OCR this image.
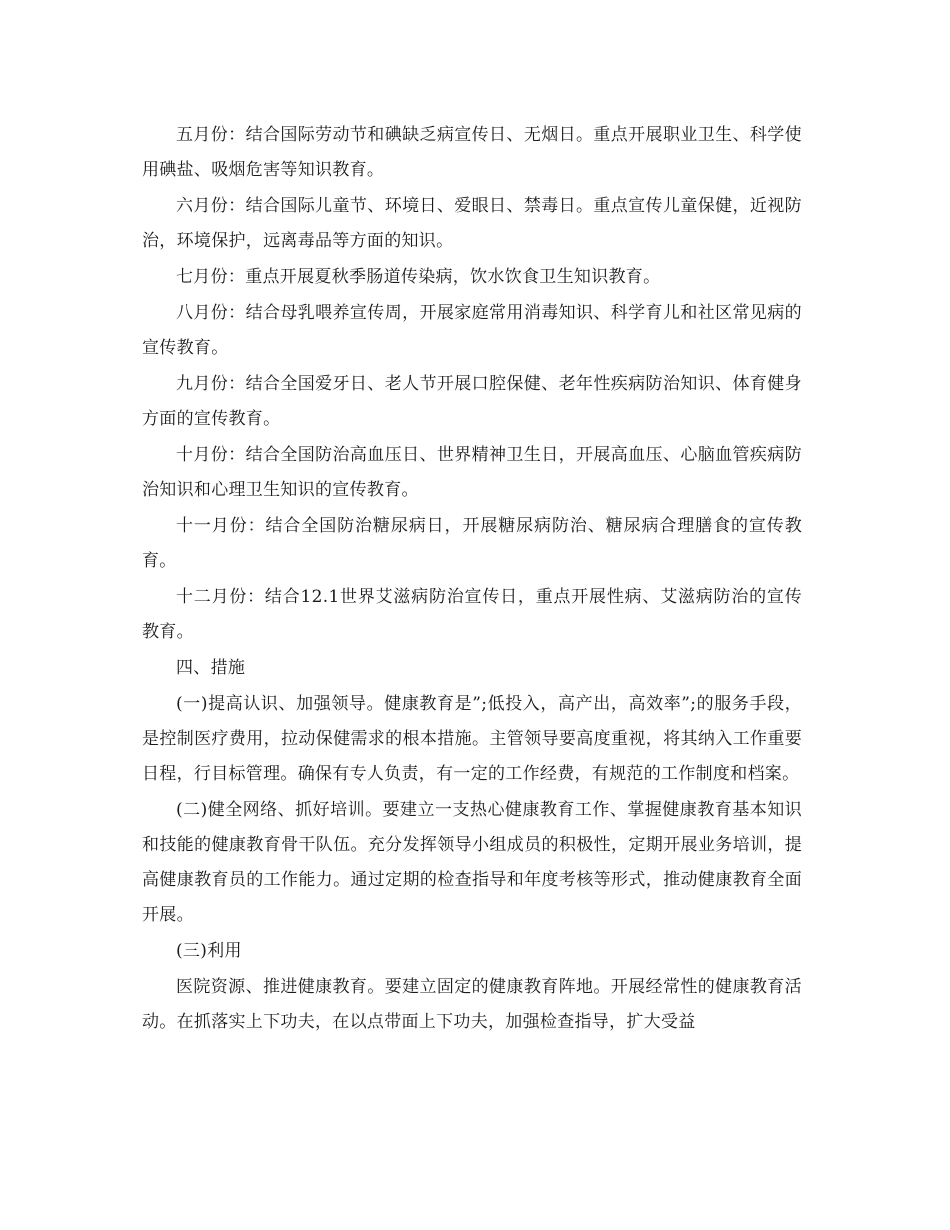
五月份：结合国际劳动节和碘缺乏病宣传日、无烟日。重点开展职业卫生、科学使用碘盐、吸烟危害等知识教育。

六月份：结合国际儿童节、环境日、爱眼日、禁毒日。重点宣传儿童保健，近视防治，环境保护，远离毒品等方面的知识。

七月份：重点开展夏秋季肠道传染病，饮水饮食卫生知识教育。

八月份：结合母乳喂养宣传周，开展家庭常用消毒知识、科学育儿和社区常见病的宣传教育。

九月份：结合全国爱牙日、老人节开展口腔保健、老年性疾病防治知识、体育健身方面的宣传教育。

十月份：结合全国防治高血压日、世界精神卫生日，开展高血压、心脑血管疾病防治知识和心理卫生知识的宣传教育。

十一月份：结合全国防治糖尿病日，开展糖尿病防治、糖尿病合理膳食的宣传教育。

十二月份：结合12.1世界艾滋病防治宣传日，重点开展性病、艾滋病防治的宣传教育。

四、措施

(一)提高认识、加强领导。健康教育是”;低投入，高产出，高效率”;的服务手段，是控制医疗费用，拉动保健需求的根本措施。主管领导要高度重视，将其纳入工作重要日程，行目标管理。确保有专人负责，有一定的工作经费，有规范的工作制度和档案。

(二)健全网络、抓好培训。要建立一支热心健康教育工作、掌握健康教育基本知识和技能的健康教育骨干队伍。充分发挥领导小组成员的积极性，定期开展业务培训，提高健康教育员的工作能力。通过定期的检查指导和年度考核等形式，推动健康教育全面开展。

(三)利用

医院资源、推进健康教育。要建立固定的健康教育阵地。开展经常性的健康教育活动。在抓落实上下功夫，在以点带面上下功夫，加强检查指导，扩大受益
